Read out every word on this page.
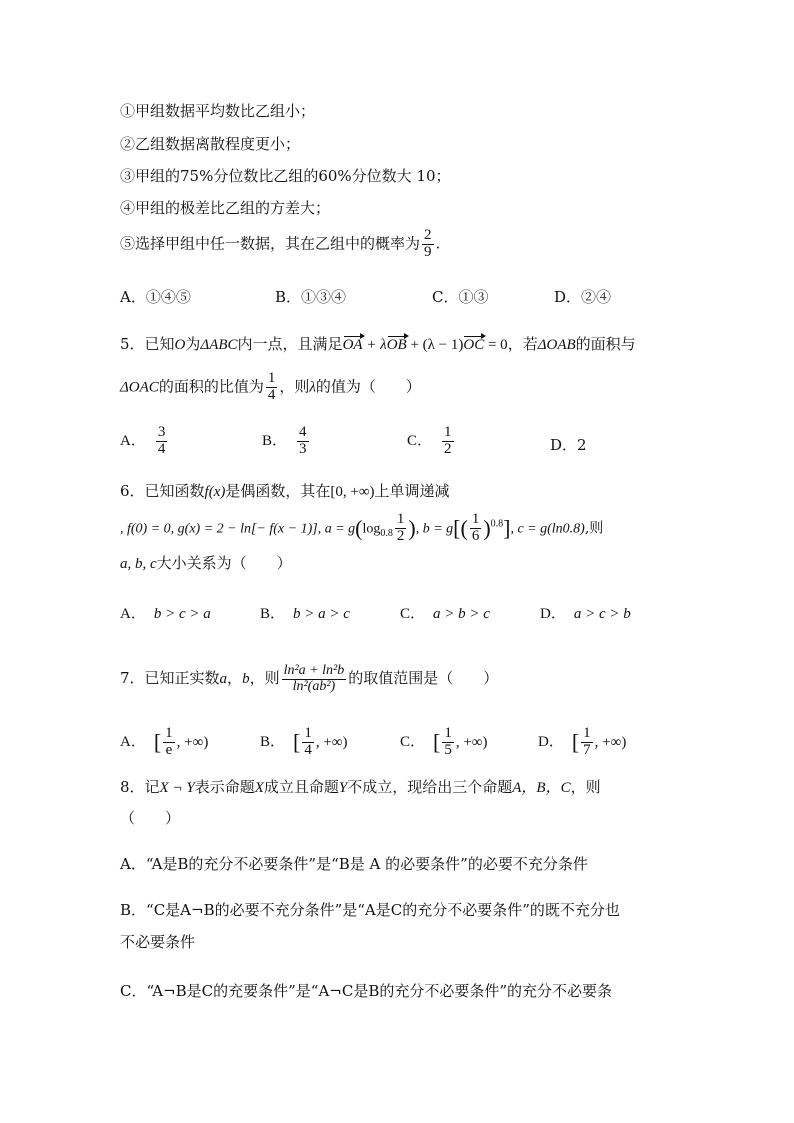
①甲组数据平均数比乙组小；
②乙组数据离散程度更小；
③甲组的75%分位数比乙组的60%分位数大 10；
④甲组的极差比乙组的方差大；
⑤选择甲组中任一数据，其在乙组中的概率为 $\frac{2}{9}$ .
A．①④⑤	B．①③④	C．①③	D．②④
5．已知O为ΔABC内一点，且满足OA + λOB + (λ − 1)OC = 0，若ΔOAB的面积与
ΔOAC的面积的比值为 $\frac{1}{4}$ ，则λ的值为（　　）
A． $\frac{3}{4}$	B． $\frac{4}{3}$	C． $\frac{1}{2}$	D．2
6．已知函数f(x)是偶函数，其在[0, +∞)上单调递减
, f(0) = 0, g(x) = 2 − ln[− f(x − 1)], $a = g(\log_{0.8} \frac{1}{2}$ ), $b = g[( \frac{1}{6} )^{0.8}]$, c = g(ln0.8),则
a, b, c大小关系为（　　）
A． b > c > a	B． b > a > c	C． a > b > c	D． a > c > b
7．已知正实数a，b，则 $\frac{\text{ln²a + ln²b}}{\text{ln²(ab²)}}$ 的取值范围是（　　）
A． [ $\frac{1}{e}$ , +∞)	B． [ $\frac{1}{4}$ , +∞)	C． [ $\frac{1}{5}$ , +∞)	D． [ $\frac{1}{7}$ , +∞)
8．记X ¬ Y表示命题X成立且命题Y不成立，现给出三个命题A，B，C，则
（　　）
A．“A是B的充分不必要条件”是“B是 A 的必要条件”的必要不充分条件
B．“C是A¬B的必要不充分条件”是“A是C的充分不必要条件”的既不充分也
不必要条件
C．“A¬B是C的充要条件”是“A¬C是B的充分不必要条件”的充分不必要条
